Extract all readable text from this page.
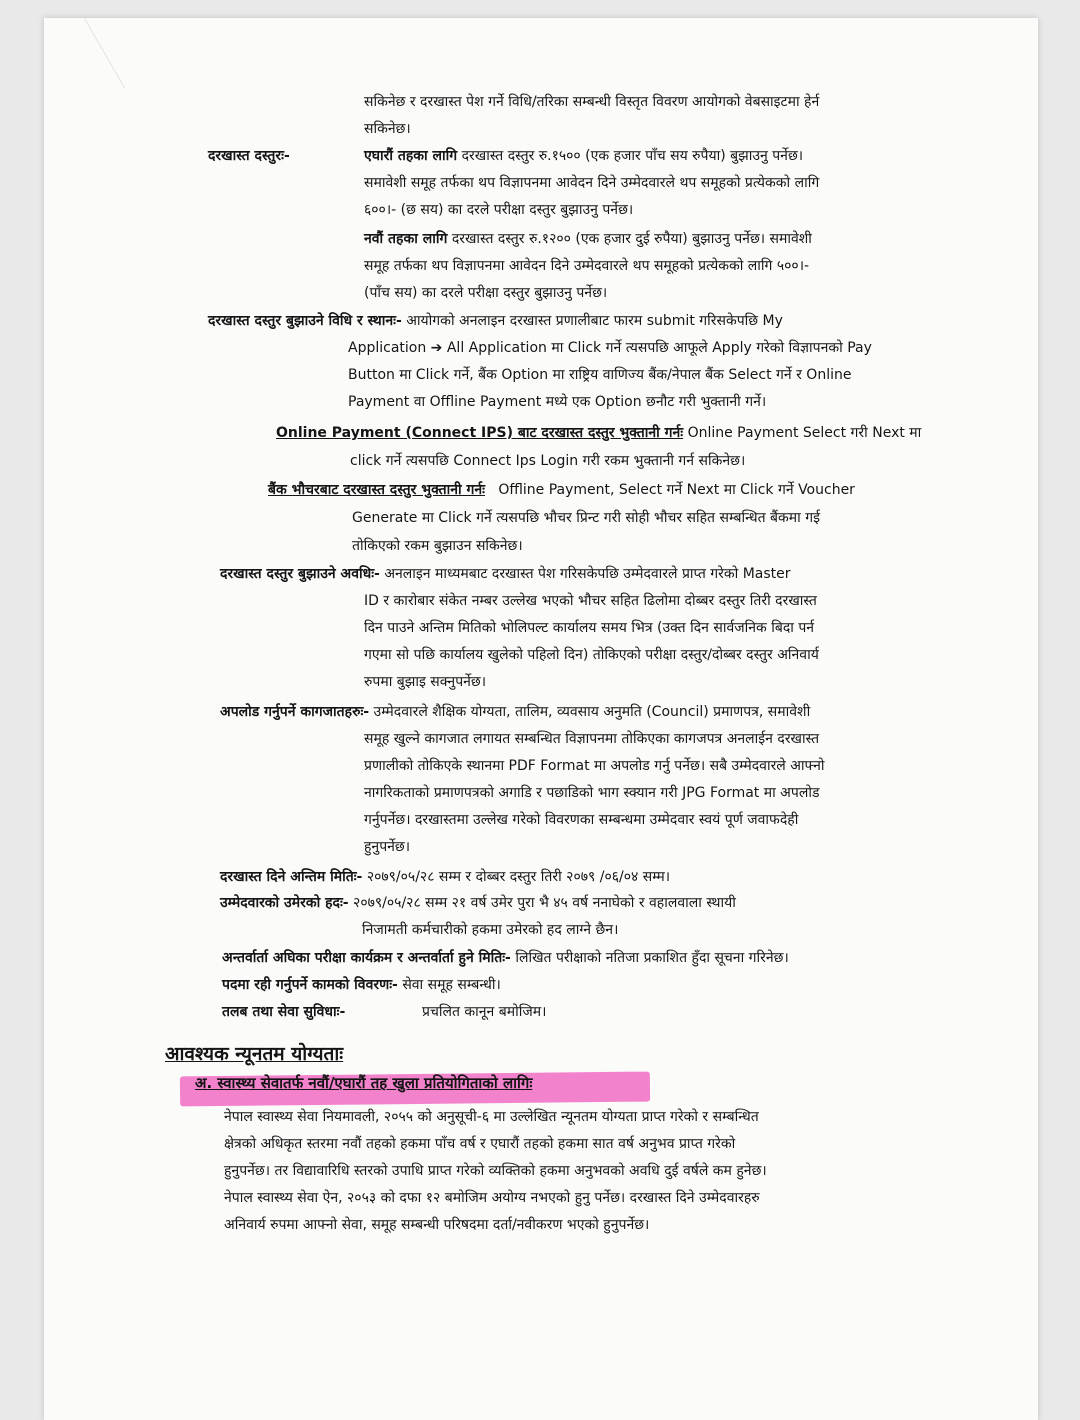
सकिनेछ र दरखास्त पेश गर्ने विधि/तरिका सम्बन्धी विस्तृत विवरण आयोगको वेबसाइटमा हेर्न
सकिनेछ।
दरखास्त दस्तुरः-	एघारौं तहका लागि दरखास्त दस्तुर रु.१५०० (एक हजार पाँच सय रुपैया) बुझाउनु पर्नेछ।
समावेशी समूह तर्फका थप विज्ञापनमा आवेदन दिने उम्मेदवारले थप समूहको प्रत्येकको लागि
६००।- (छ सय) का दरले परीक्षा दस्तुर बुझाउनु पर्नेछ।
नवौं तहका लागि दरखास्त दस्तुर रु.१२०० (एक हजार दुई रुपैया) बुझाउनु पर्नेछ। समावेशी
समूह तर्फका थप विज्ञापनमा आवेदन दिने उम्मेदवारले थप समूहको प्रत्येकको लागि ५००।-
(पाँच सय) का दरले परीक्षा दस्तुर बुझाउनु पर्नेछ।
दरखास्त दस्तुर बुझाउने विधि र स्थानः- आयोगको अनलाइन दरखास्त प्रणालीबाट फारम submit गरिसकेपछि My
Application ➔ All Application मा Click गर्ने त्यसपछि आफूले Apply गरेको विज्ञापनको Pay
Button मा Click गर्ने, बैंक Option मा राष्ट्रिय वाणिज्य बैंक/नेपाल बैंक Select गर्ने र Online
Payment वा Offline Payment मध्ये एक Option छनौट गरी भुक्तानी गर्ने।
Online Payment (Connect IPS) बाट दरखास्त दस्तुर भुक्तानी गर्नः Online Payment Select गरी Next मा
click गर्ने त्यसपछि Connect Ips Login गरी रकम भुक्तानी गर्न सकिनेछ।
बैंक भौचरबाट दरखास्त दस्तुर भुक्तानी गर्नः Offline Payment, Select गर्ने Next मा Click गर्ने Voucher
Generate मा Click गर्ने त्यसपछि भौचर प्रिन्ट गरी सोही भौचर सहित सम्बन्धित बैंकमा गई
तोकिएको रकम बुझाउन सकिनेछ।
दरखास्त दस्तुर बुझाउने अवधिः- अनलाइन माध्यमबाट दरखास्त पेश गरिसकेपछि उम्मेदवारले प्राप्त गरेको Master
ID र कारोबार संकेत नम्बर उल्लेख भएको भौचर सहित ढिलोमा दोब्बर दस्तुर तिरी दरखास्त
दिन पाउने अन्तिम मितिको भोलिपल्ट कार्यालय समय भित्र (उक्त दिन सार्वजनिक बिदा पर्न
गएमा सो पछि कार्यालय खुलेको पहिलो दिन) तोकिएको परीक्षा दस्तुर/दोब्बर दस्तुर अनिवार्य
रुपमा बुझाइ सक्नुपर्नेछ।
अपलोड गर्नुपर्ने कागजातहरुः- उम्मेदवारले शैक्षिक योग्यता, तालिम, व्यवसाय अनुमति (Council) प्रमाणपत्र, समावेशी
समूह खुल्ने कागजात लगायत सम्बन्धित विज्ञापनमा तोकिएका कागजपत्र अनलाईन दरखास्त
प्रणालीको तोकिएके स्थानमा PDF Format मा अपलोड गर्नु पर्नेछ। सबै उम्मेदवारले आफ्नो
नागरिकताको प्रमाणपत्रको अगाडि र पछाडिको भाग स्क्यान गरी JPG Format मा अपलोड
गर्नुपर्नेछ। दरखास्तमा उल्लेख गरेको विवरणका सम्बन्धमा उम्मेदवार स्वयं पूर्ण जवाफदेही
हुनुपर्नेछ।
दरखास्त दिने अन्तिम मितिः- २०७९/०५/२८ सम्म र दोब्बर दस्तुर तिरी २०७९ /०६/०४ सम्म।
उम्मेदवारको उमेरको हदः- २०७९/०५/२८ सम्म २१ वर्ष उमेर पुरा भै ४५ वर्ष ननाघेको र वहालवाला स्थायी
निजामती कर्मचारीको हकमा उमेरको हद लाग्ने छैन।
अन्तर्वार्ता अघिका परीक्षा कार्यक्रम र अन्तर्वार्ता हुने मितिः- लिखित परीक्षाको नतिजा प्रकाशित हुँदा सूचना गरिनेछ।
पदमा रही गर्नुपर्ने कामको विवरणः- सेवा समूह सम्बन्धी।
तलब तथा सेवा सुविधाः-	प्रचलित कानून बमोजिम।
आवश्यक न्यूनतम योग्यताः
अ. स्वास्थ्य सेवातर्फ नवौं/एघारौं तह खुला प्रतियोगिताको लागिः
नेपाल स्वास्थ्य सेवा नियमावली, २०५५ को अनुसूची-६ मा उल्लेखित न्यूनतम योग्यता प्राप्त गरेको र सम्बन्धित
क्षेत्रको अधिकृत स्तरमा नवौं तहको हकमा पाँच वर्ष र एघारौं तहको हकमा सात वर्ष अनुभव प्राप्त गरेको
हुनुपर्नेछ। तर विद्यावारिधि स्तरको उपाधि प्राप्त गरेको व्यक्तिको हकमा अनुभवको अवधि दुई वर्षले कम हुनेछ।
नेपाल स्वास्थ्य सेवा ऐन, २०५३ को दफा १२ बमोजिम अयोग्य नभएको हुनु पर्नेछ। दरखास्त दिने उम्मेदवारहरु
अनिवार्य रुपमा आफ्नो सेवा, समूह सम्बन्धी परिषदमा दर्ता/नवीकरण भएको हुनुपर्नेछ।
